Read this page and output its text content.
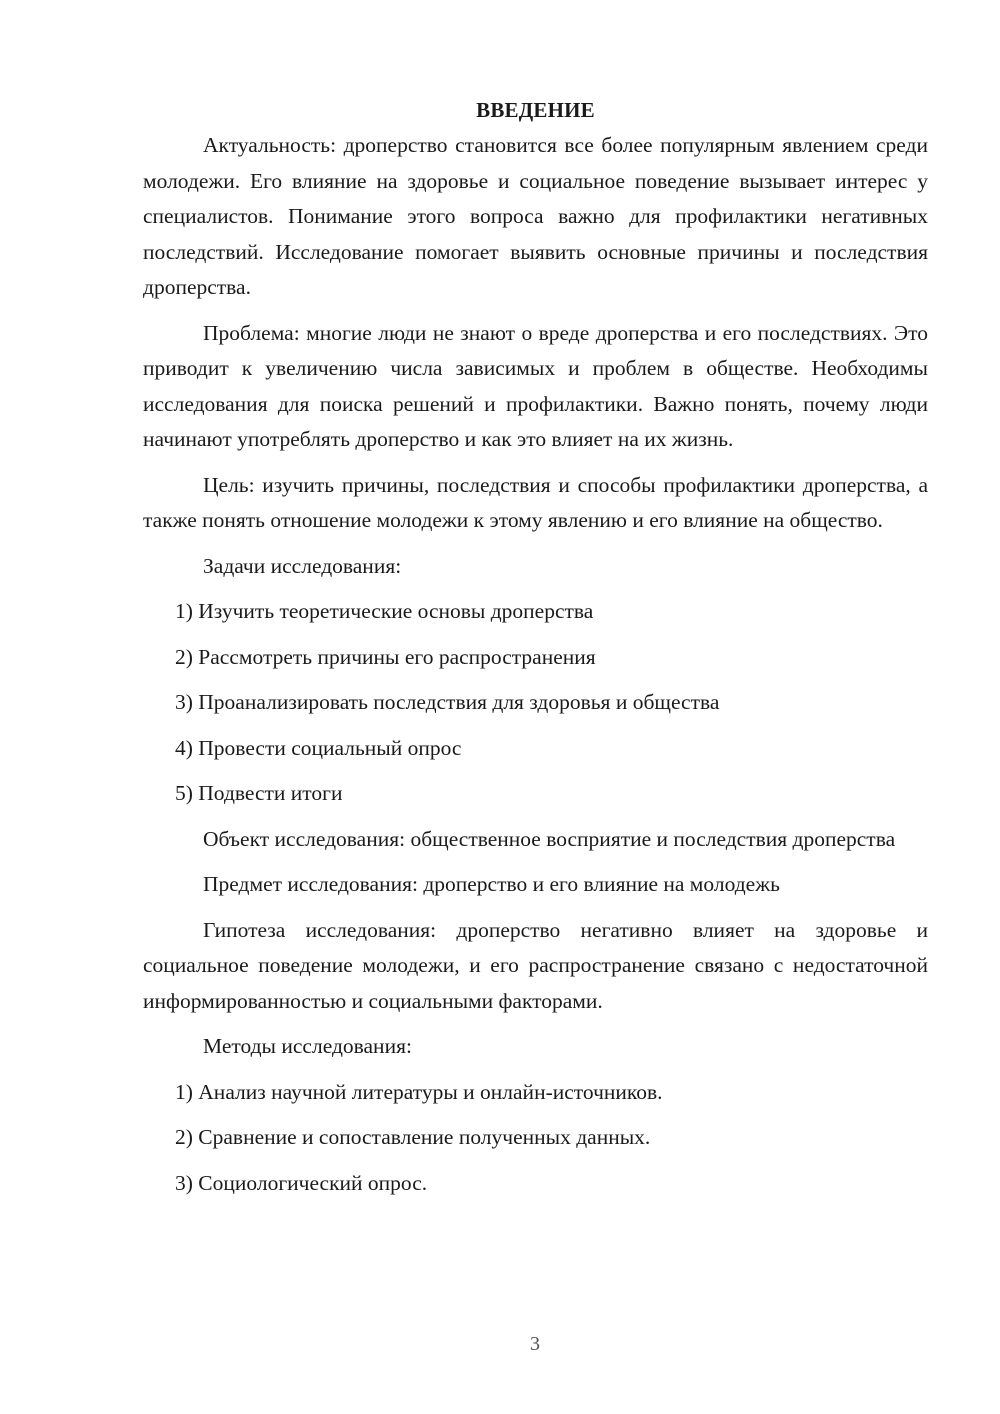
ВВЕДЕНИЕ

Актуальность: дроперство становится все более популярным явлением среди молодежи. Его влияние на здоровье и социальное поведение вызывает интерес у специалистов. Понимание этого вопроса важно для профилактики негативных последствий. Исследование помогает выявить основные причины и последствия дроперства.

Проблема: многие люди не знают о вреде дроперства и его последствиях. Это приводит к увеличению числа зависимых и проблем в обществе. Необходимы исследования для поиска решений и профилактики. Важно понять, почему люди начинают употреблять дроперство и как это влияет на их жизнь.

Цель: изучить причины, последствия и способы профилактики дроперства, а также понять отношение молодежи к этому явлению и его влияние на общество.

Задачи исследования:

1) Изучить теоретические основы дроперства

2) Рассмотреть причины его распространения

3) Проанализировать последствия для здоровья и общества

4) Провести социальный опрос

5) Подвести итоги

Объект исследования: общественное восприятие и последствия дроперства

Предмет исследования: дроперство и его влияние на молодежь

Гипотеза исследования: дроперство негативно влияет на здоровье и социальное поведение молодежи, и его распространение связано с недостаточной информированностью и социальными факторами.

Методы исследования:

1) Анализ научной литературы и онлайн-источников.

2) Сравнение и сопоставление полученных данных.

3) Социологический опрос.

3
